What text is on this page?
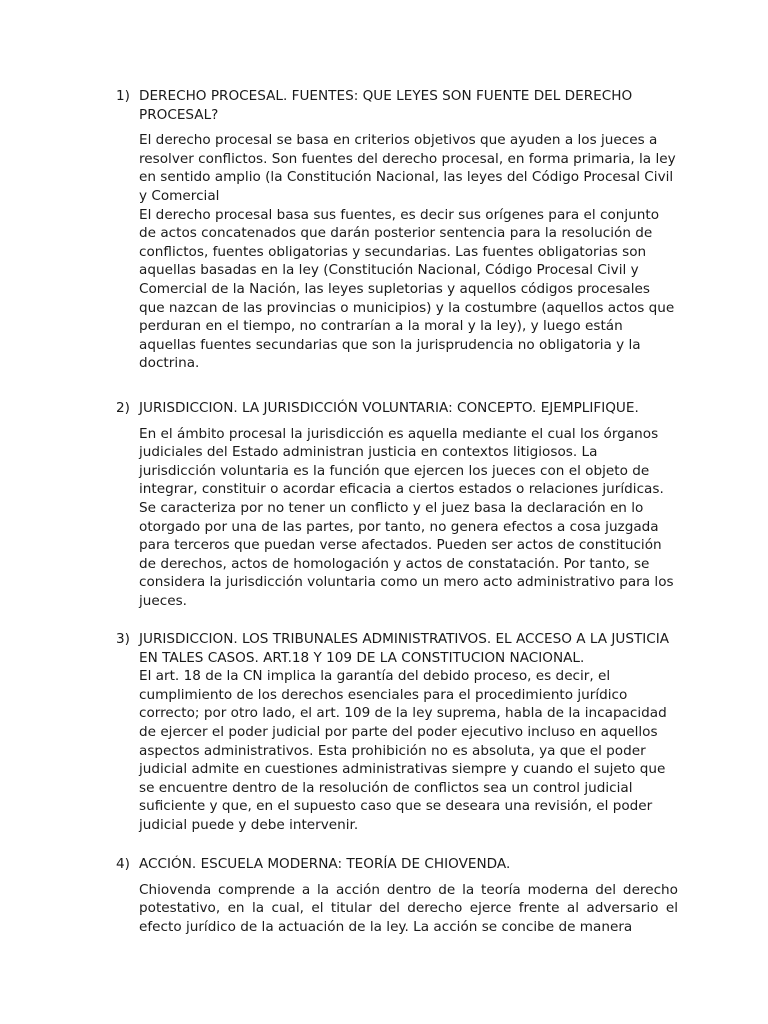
1) DERECHO PROCESAL. FUENTES: QUE LEYES SON FUENTE DEL DERECHO PROCESAL?

El derecho procesal se basa en criterios objetivos que ayuden a los jueces a resolver conflictos. Son fuentes del derecho procesal, en forma primaria, la ley en sentido amplio (la Constitución Nacional, las leyes del Código Procesal Civil y Comercial

El derecho procesal basa sus fuentes, es decir sus orígenes para el conjunto de actos concatenados que darán posterior sentencia para la resolución de conflictos, fuentes obligatorias y secundarias. Las fuentes obligatorias son aquellas basadas en la ley (Constitución Nacional, Código Procesal Civil y Comercial de la Nación, las leyes supletorias y aquellos códigos procesales que nazcan de las provincias o municipios) y la costumbre (aquellos actos que perduran en el tiempo, no contrarían a la moral y la ley), y luego están aquellas fuentes secundarias que son la jurisprudencia no obligatoria y la doctrina.

2) JURISDICCION. LA JURISDICCIÓN VOLUNTARIA: CONCEPTO. EJEMPLIFIQUE.

En el ámbito procesal la jurisdicción es aquella mediante el cual los órganos judiciales del Estado administran justicia en contextos litigiosos. La jurisdicción voluntaria es la función que ejercen los jueces con el objeto de integrar, constituir o acordar eficacia a ciertos estados o relaciones jurídicas. Se caracteriza por no tener un conflicto y el juez basa la declaración en lo otorgado por una de las partes, por tanto, no genera efectos a cosa juzgada para terceros que puedan verse afectados. Pueden ser actos de constitución de derechos, actos de homologación y actos de constatación. Por tanto, se considera la jurisdicción voluntaria como un mero acto administrativo para los jueces.

3) JURISDICCION. LOS TRIBUNALES ADMINISTRATIVOS. EL ACCESO A LA JUSTICIA EN TALES CASOS. ART.18 Y 109 DE LA CONSTITUCION NACIONAL.

El art. 18 de la CN implica la garantía del debido proceso, es decir, el cumplimiento de los derechos esenciales para el procedimiento jurídico correcto; por otro lado, el art. 109 de la ley suprema, habla de la incapacidad de ejercer el poder judicial por parte del poder ejecutivo incluso en aquellos aspectos administrativos. Esta prohibición no es absoluta, ya que el poder judicial admite en cuestiones administrativas siempre y cuando el sujeto que se encuentre dentro de la resolución de conflictos sea un control judicial suficiente y que, en el supuesto caso que se deseara una revisión, el poder judicial puede y debe intervenir.

4) ACCIÓN. ESCUELA MODERNA: TEORÍA DE CHIOVENDA.

Chiovenda comprende a la acción dentro de la teoría moderna del derecho potestativo, en la cual, el titular del derecho ejerce frente al adversario el efecto jurídico de la actuación de la ley. La acción se concibe de manera
